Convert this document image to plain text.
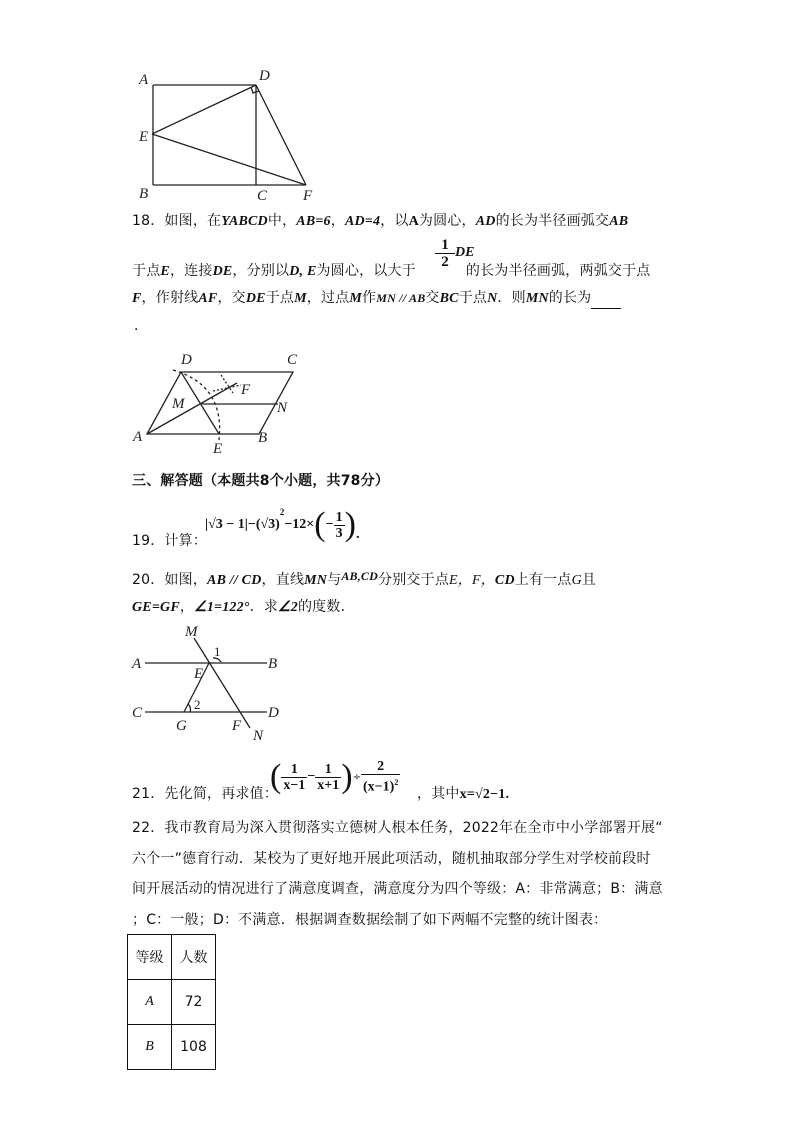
A	D
E
B	C F
18．如图，在YABCD中，AB=6，AD=4，以A为圆心，AD的长为半径画弧交AB
于点E，连接DE，分别以D, E为圆心，以大于	的长为半径画弧，两弧交于点
$\frac{1}{2}$ DE
F，作射线AF，交DE于点M，过点M作MN // AB交BC于点N．则MN的长为
．
A
D	C
B
E
F
M	N
三、解答题（本题共8个小题，共78分）
19．计算：
|√3 − 1| − (√3)
2
−12× ( − $\frac{1}{3}$ ) .
20．如图，AB // CD，直线MN与AB,CD分别交于点E，F，CD上有一点G且
GE=GF，∠1=122°．求∠2的度数．
M
A	B
E
C	D
G	F
N
1
2
21．先化简，再求值：
( $\frac{1}{x-1} - \frac{1}{x+1}$ ) ÷ $\frac{2}{(x-1)^2}$ ，其中x=√2−1.
22．我市教育局为深入贯彻落实立德树人根本任务，2022年在全市中小学部署开展“
六个一”德育行动．某校为了更好地开展此项活动，随机抽取部分学生对学校前段时
间开展活动的情况进行了满意度调查，满意度分为四个等级：A：非常满意；B：满意
；C：一般；D：不满意．根据调查数据绘制了如下两幅不完整的统计图表：
等级	人数
A	72
B	108
